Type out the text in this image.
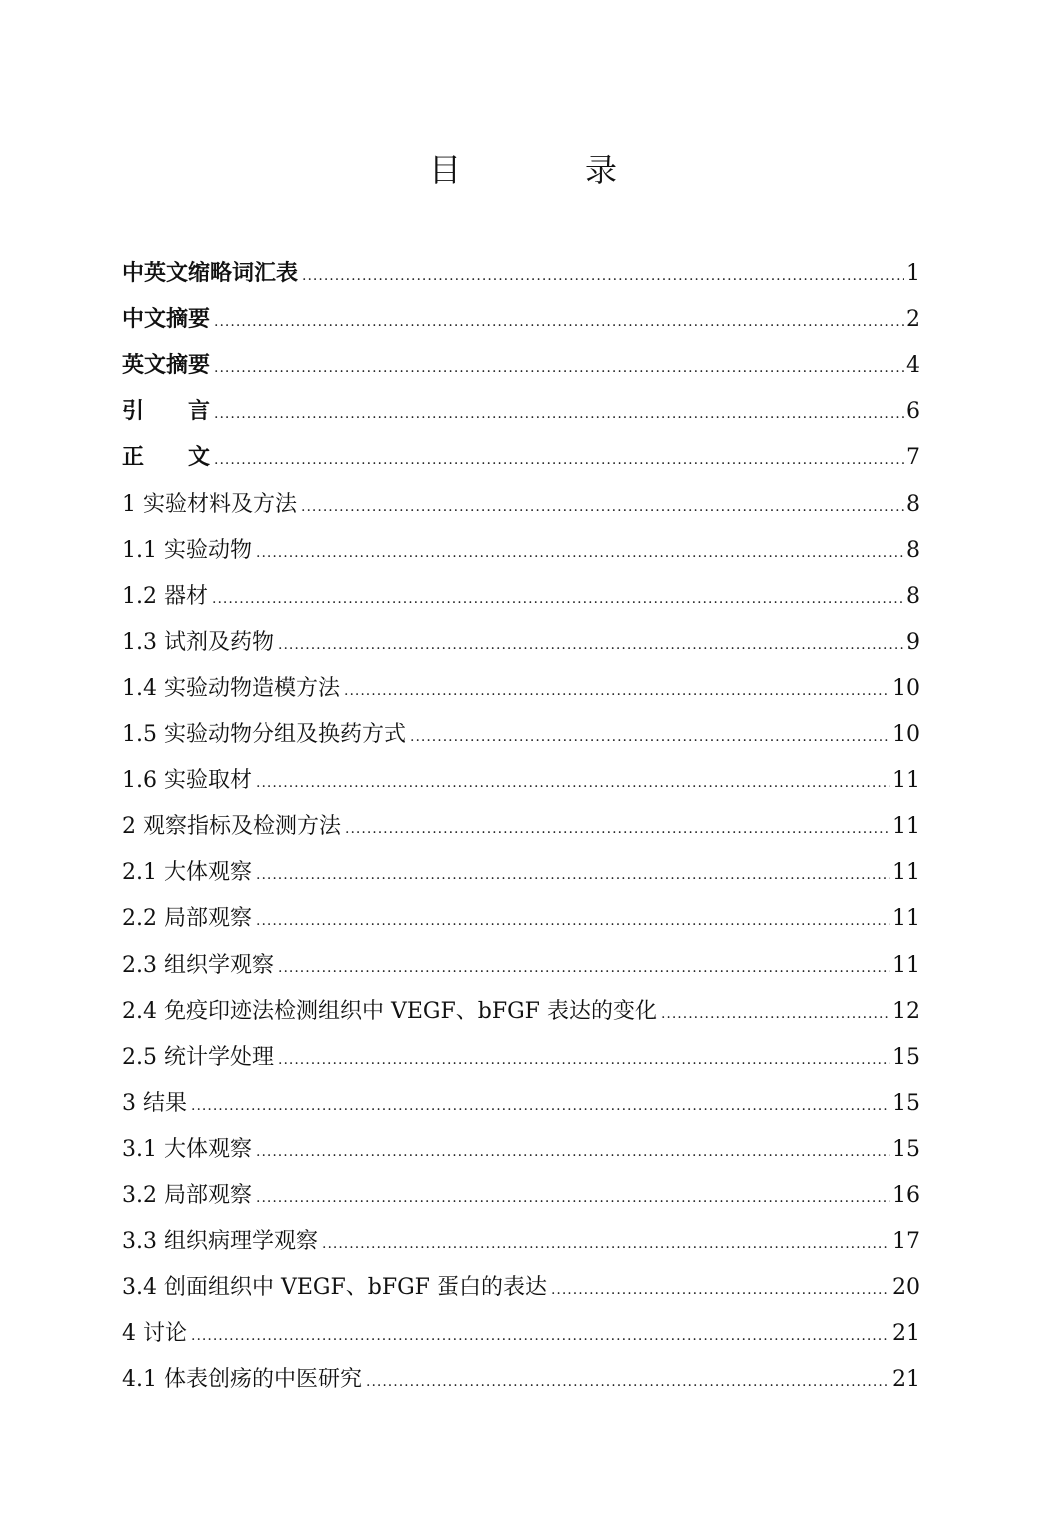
目　录
中英文缩略词汇表 .....	1
中文摘要 .....	2
英文摘要 .....	4
引　　言 .....	6
正　　文 .....	7
1 实验材料及方法 .....	8
1.1 实验动物 .....	8
1.2 器材 .....	8
1.3 试剂及药物 .....	9
1.4 实验动物造模方法 .....	10
1.5 实验动物分组及换药方式 .....	10
1.6 实验取材 .....	11
2 观察指标及检测方法 .....	11
2.1 大体观察 .....	11
2.2 局部观察 .....	11
2.3 组织学观察 .....	11
2.4 免疫印迹法检测组织中 VEGF、bFGF 表达的变化 .....	12
2.5 统计学处理 .....	15
3 结果 .....	15
3.1 大体观察 .....	15
3.2 局部观察 .....	16
3.3 组织病理学观察 .....	17
3.4 创面组织中 VEGF、bFGF 蛋白的表达 .....	20
4 讨论 .....	21
4.1 体表创疡的中医研究 .....	21
